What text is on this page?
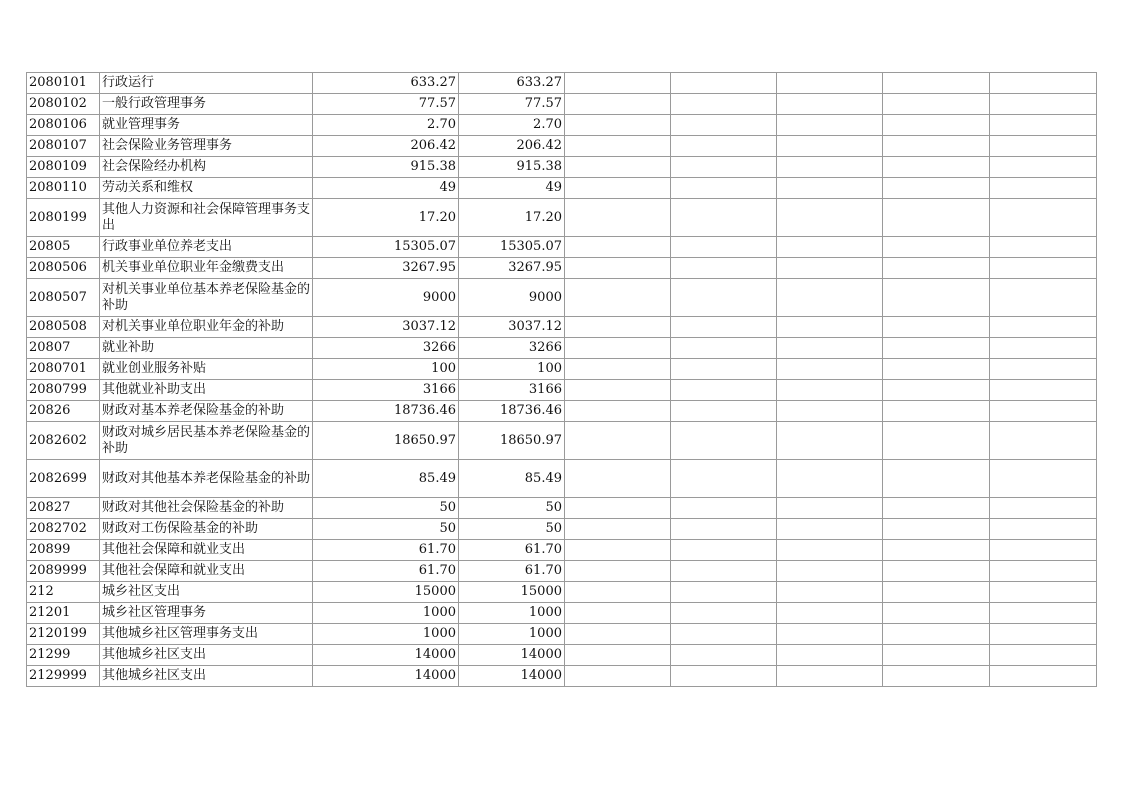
2080101	行政运行	633.27	633.27					
2080102	一般行政管理事务	77.57	77.57					
2080106	就业管理事务	2.70	2.70					
2080107	社会保险业务管理事务	206.42	206.42					
2080109	社会保险经办机构	915.38	915.38					
2080110	劳动关系和维权	49	49					
2080199	其他人力资源和社会保障管理事务支出	17.20	17.20					
20805	行政事业单位养老支出	15305.07	15305.07					
2080506	机关事业单位职业年金缴费支出	3267.95	3267.95					
2080507	对机关事业单位基本养老保险基金的补助	9000	9000					
2080508	对机关事业单位职业年金的补助	3037.12	3037.12					
20807	就业补助	3266	3266					
2080701	就业创业服务补贴	100	100					
2080799	其他就业补助支出	3166	3166					
20826	财政对基本养老保险基金的补助	18736.46	18736.46					
2082602	财政对城乡居民基本养老保险基金的补助	18650.97	18650.97					
2082699	财政对其他基本养老保险基金的补助	85.49	85.49					
20827	财政对其他社会保险基金的补助	50	50					
2082702	财政对工伤保险基金的补助	50	50					
20899	其他社会保障和就业支出	61.70	61.70					
2089999	其他社会保障和就业支出	61.70	61.70					
212	城乡社区支出	15000	15000					
21201	城乡社区管理事务	1000	1000					
2120199	其他城乡社区管理事务支出	1000	1000					
21299	其他城乡社区支出	14000	14000					
2129999	其他城乡社区支出	14000	14000					
